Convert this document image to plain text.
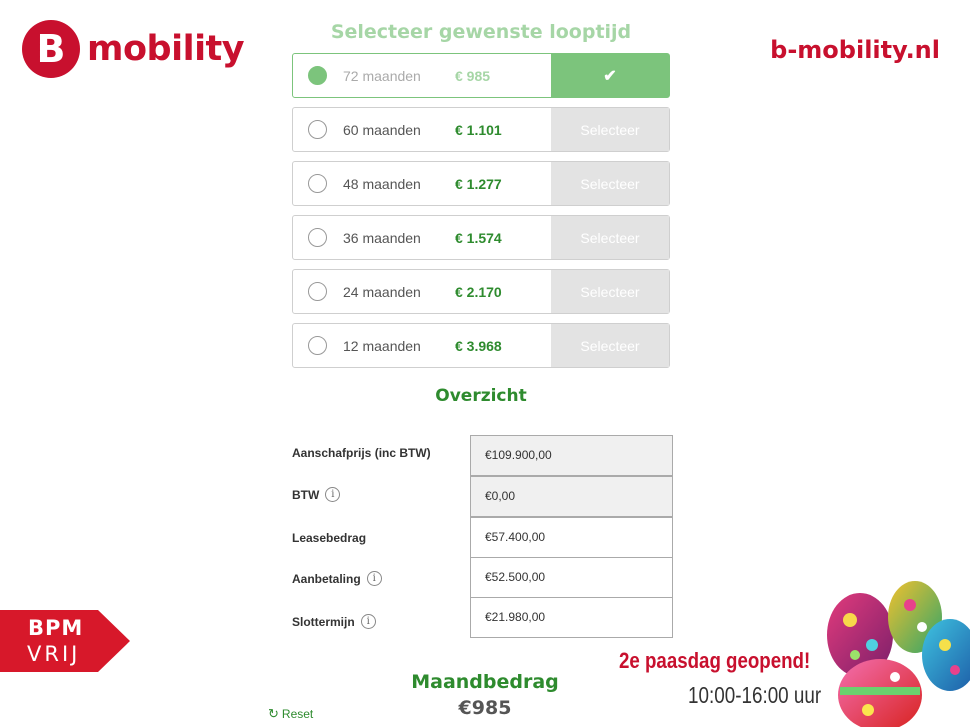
B mobility	b-mobility.nl
Selecteer gewenste looptijd
72 maanden	€ 985	✔
60 maanden	€ 1.101	Selecteer
48 maanden	€ 1.277	Selecteer
36 maanden	€ 1.574	Selecteer
24 maanden	€ 2.170	Selecteer
12 maanden	€ 3.968	Selecteer
Overzicht
Aanschafprijs (inc BTW)	€109.900,00
BTW	i	€0,00
Leasebedrag	€57.400,00
Aanbetaling	i	€52.500,00
Slottermijn	i	€21.980,00
Maandbedrag
€985
↻ Reset
BPM
VRIJ	2e paasdag geopend!
10:00-16:00 uur
